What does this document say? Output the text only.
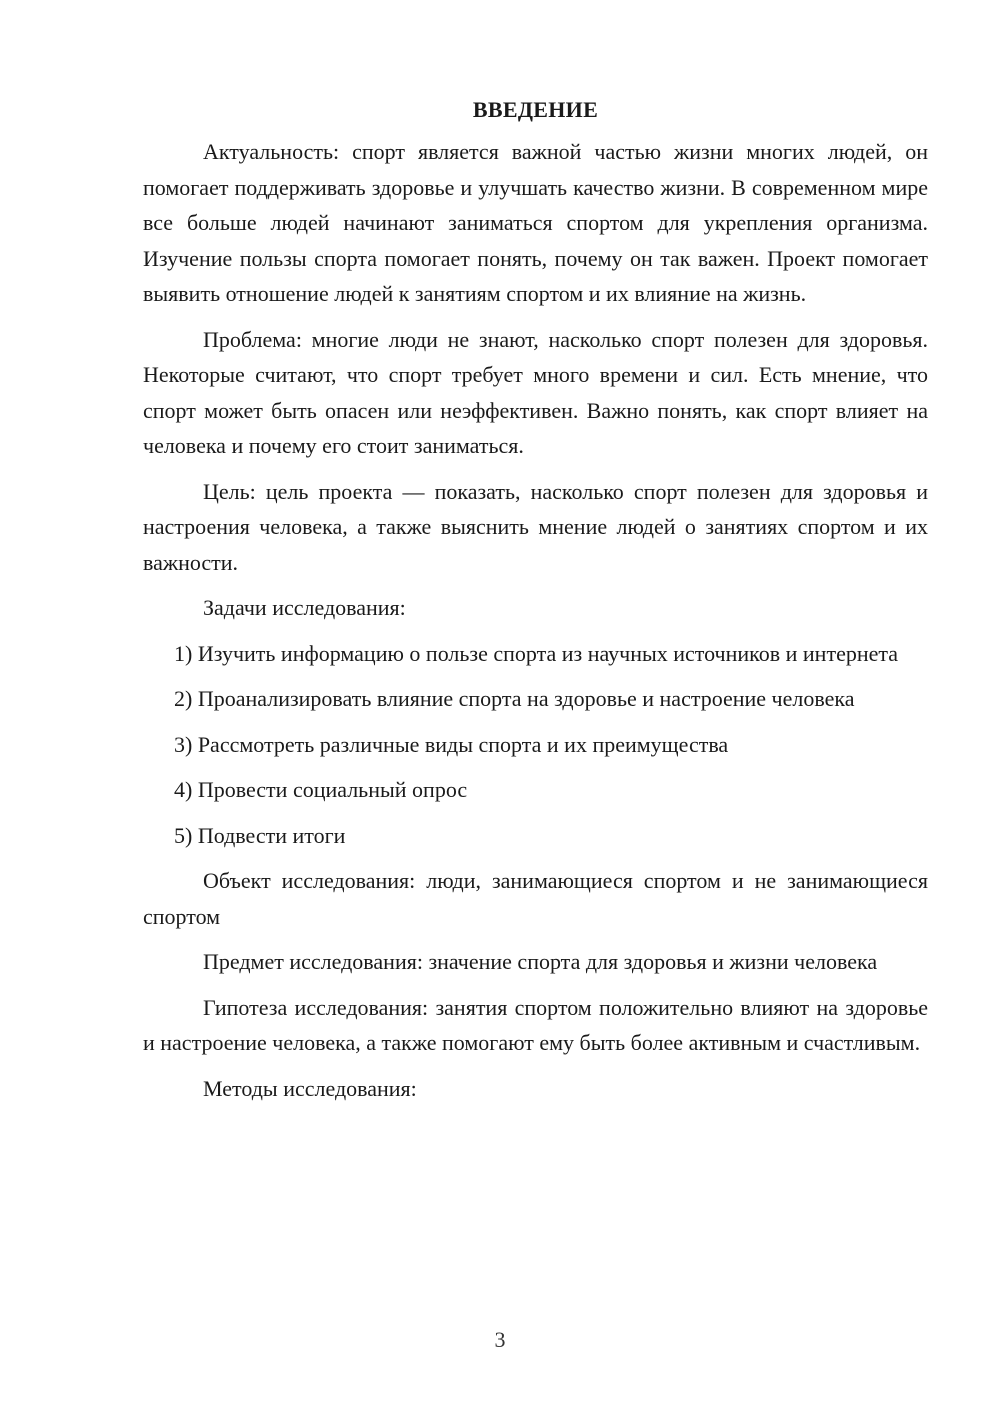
ВВЕДЕНИЕ

Актуальность: спорт является важной частью жизни многих людей, он помогает поддерживать здоровье и улучшать качество жизни. В современном мире все больше людей начинают заниматься спортом для укрепления организма. Изучение пользы спорта помогает понять, почему он так важен. Проект помогает выявить отношение людей к занятиям спортом и их влияние на жизнь.

Проблема: многие люди не знают, насколько спорт полезен для здоровья. Некоторые считают, что спорт требует много времени и сил. Есть мнение, что спорт может быть опасен или неэффективен. Важно понять, как спорт влияет на человека и почему его стоит заниматься.

Цель: цель проекта — показать, насколько спорт полезен для здоровья и настроения человека, а также выяснить мнение людей о занятиях спортом и их важности.

Задачи исследования:

1) Изучить информацию о пользе спорта из научных источников и интернета

2) Проанализировать влияние спорта на здоровье и настроение человека

3) Рассмотреть различные виды спорта и их преимущества

4) Провести социальный опрос

5) Подвести итоги

Объект исследования: люди, занимающиеся спортом и не занимающиеся спортом

Предмет исследования: значение спорта для здоровья и жизни человека

Гипотеза исследования: занятия спортом положительно влияют на здоровье и настроение человека, а также помогают ему быть более активным и счастливым.

Методы исследования:

3
